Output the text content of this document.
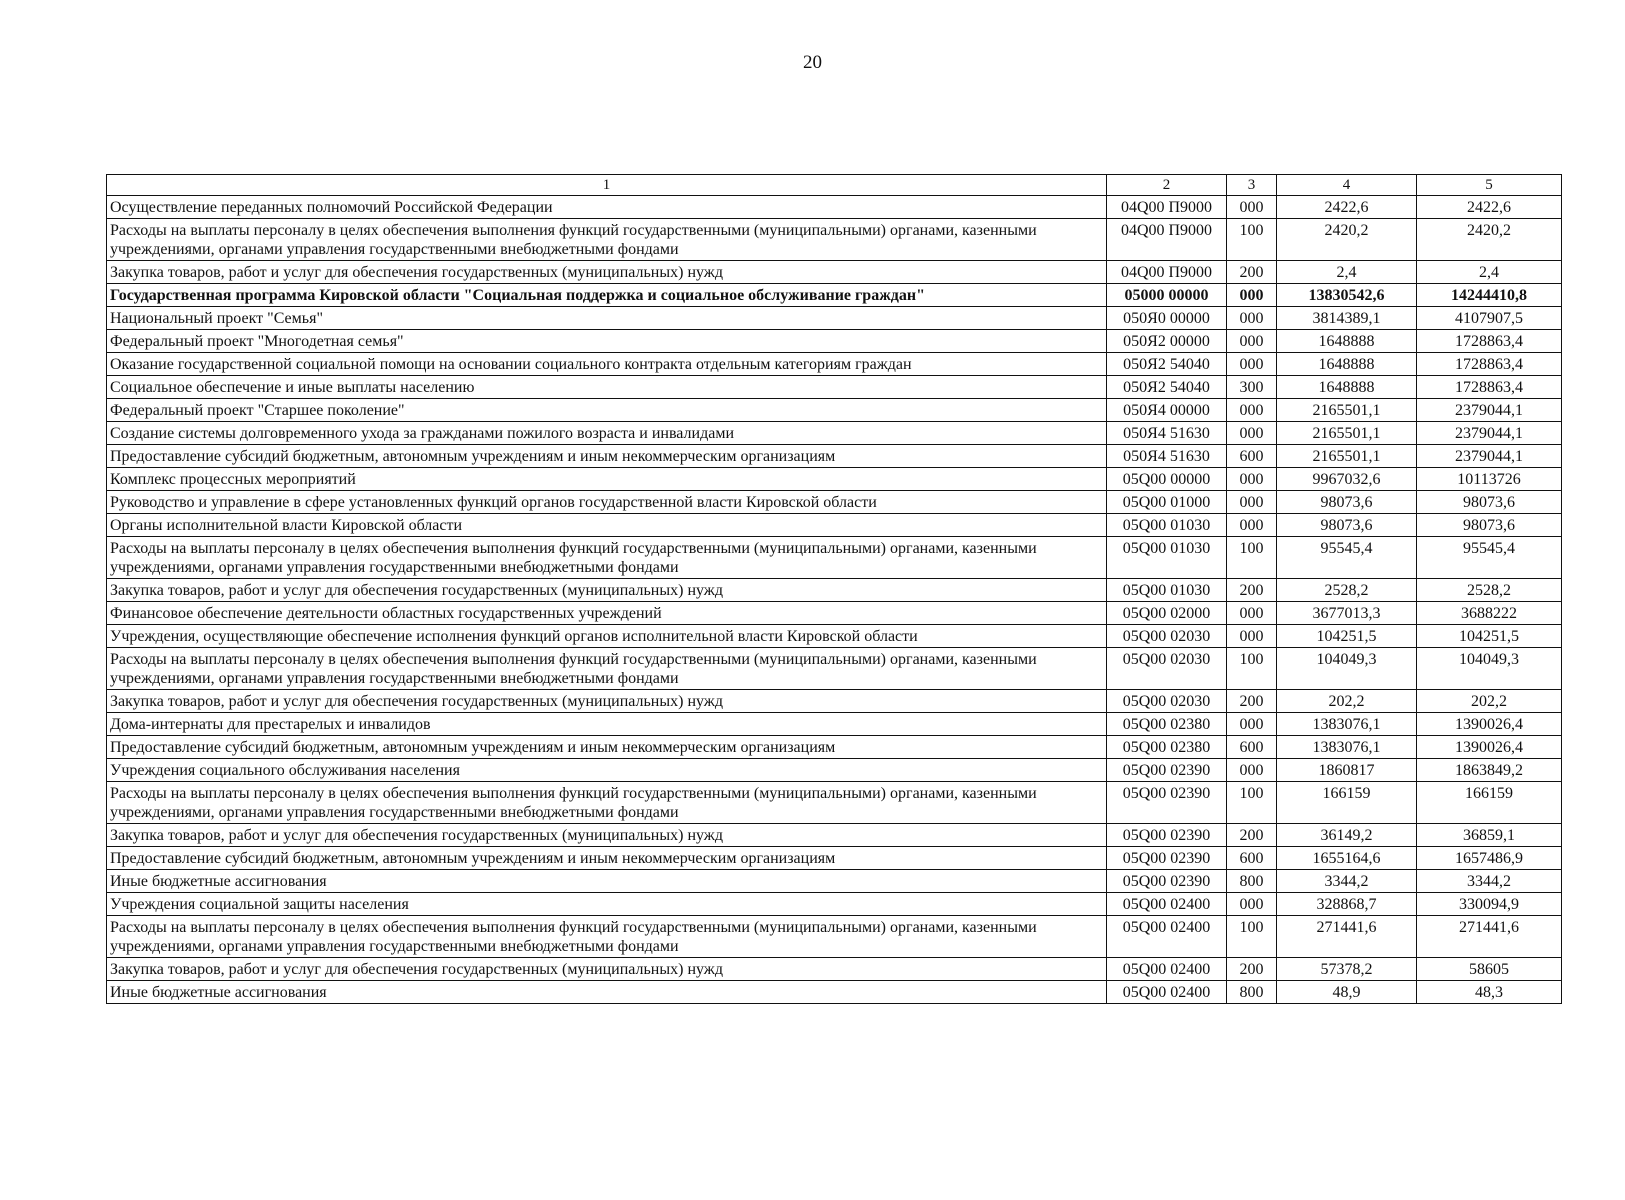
20
1	2	3	4	5
Осуществление переданных полномочий Российской Федерации	04Q00 П9000	000	2422,6	2422,6
Расходы на выплаты персоналу в целях обеспечения выполнения функций государственными (муниципальными) органами, казенными учреждениями, органами управления государственными внебюджетными фондами	04Q00 П9000	100	2420,2	2420,2
Закупка товаров, работ и услуг для обеспечения государственных (муниципальных) нужд	04Q00 П9000	200	2,4	2,4
Государственная программа Кировской области "Социальная поддержка и социальное обслуживание граждан"	05000 00000	000	13830542,6	14244410,8
Национальный проект "Семья"	050Я0 00000	000	3814389,1	4107907,5
Федеральный проект "Многодетная семья"	050Я2 00000	000	1648888	1728863,4
Оказание государственной социальной помощи на основании социального контракта отдельным категориям граждан	050Я2 54040	000	1648888	1728863,4
Социальное обеспечение и иные выплаты населению	050Я2 54040	300	1648888	1728863,4
Федеральный проект "Старшее поколение"	050Я4 00000	000	2165501,1	2379044,1
Создание системы долговременного ухода за гражданами пожилого возраста и инвалидами	050Я4 51630	000	2165501,1	2379044,1
Предоставление субсидий бюджетным, автономным учреждениям и иным некоммерческим организациям	050Я4 51630	600	2165501,1	2379044,1
Комплекс процессных мероприятий	05Q00 00000	000	9967032,6	10113726
Руководство и управление в сфере установленных функций органов государственной власти Кировской области	05Q00 01000	000	98073,6	98073,6
Органы исполнительной власти Кировской области	05Q00 01030	000	98073,6	98073,6
Расходы на выплаты персоналу в целях обеспечения выполнения функций государственными (муниципальными) органами, казенными учреждениями, органами управления государственными внебюджетными фондами	05Q00 01030	100	95545,4	95545,4
Закупка товаров, работ и услуг для обеспечения государственных (муниципальных) нужд	05Q00 01030	200	2528,2	2528,2
Финансовое обеспечение деятельности областных государственных учреждений	05Q00 02000	000	3677013,3	3688222
Учреждения, осуществляющие обеспечение исполнения функций органов исполнительной власти Кировской области	05Q00 02030	000	104251,5	104251,5
Расходы на выплаты персоналу в целях обеспечения выполнения функций государственными (муниципальными) органами, казенными учреждениями, органами управления государственными внебюджетными фондами	05Q00 02030	100	104049,3	104049,3
Закупка товаров, работ и услуг для обеспечения государственных (муниципальных) нужд	05Q00 02030	200	202,2	202,2
Дома-интернаты для престарелых и инвалидов	05Q00 02380	000	1383076,1	1390026,4
Предоставление субсидий бюджетным, автономным учреждениям и иным некоммерческим организациям	05Q00 02380	600	1383076,1	1390026,4
Учреждения социального обслуживания населения	05Q00 02390	000	1860817	1863849,2
Расходы на выплаты персоналу в целях обеспечения выполнения функций государственными (муниципальными) органами, казенными учреждениями, органами управления государственными внебюджетными фондами	05Q00 02390	100	166159	166159
Закупка товаров, работ и услуг для обеспечения государственных (муниципальных) нужд	05Q00 02390	200	36149,2	36859,1
Предоставление субсидий бюджетным, автономным учреждениям и иным некоммерческим организациям	05Q00 02390	600	1655164,6	1657486,9
Иные бюджетные ассигнования	05Q00 02390	800	3344,2	3344,2
Учреждения социальной защиты населения	05Q00 02400	000	328868,7	330094,9
Расходы на выплаты персоналу в целях обеспечения выполнения функций государственными (муниципальными) органами, казенными учреждениями, органами управления государственными внебюджетными фондами	05Q00 02400	100	271441,6	271441,6
Закупка товаров, работ и услуг для обеспечения государственных (муниципальных) нужд	05Q00 02400	200	57378,2	58605
Иные бюджетные ассигнования	05Q00 02400	800	48,9	48,3
